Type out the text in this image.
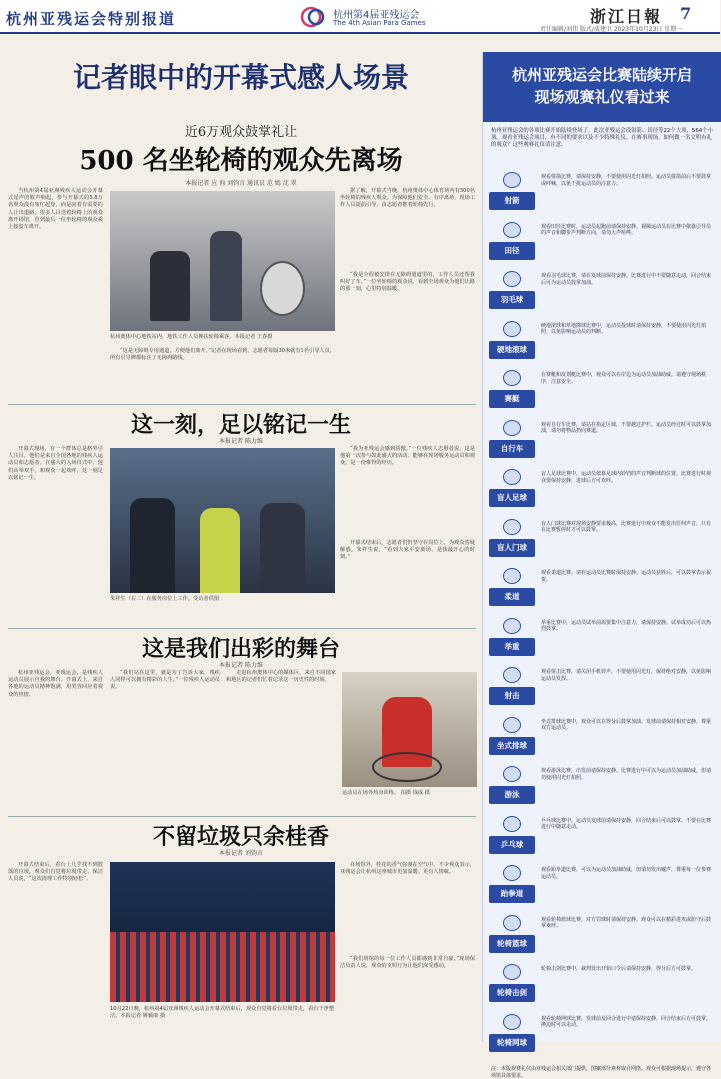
杭州亚残运会特别报道	杭州第4届亚残运会
The 4th Asian Para Games	浙江日報 7
责任编辑/刘伟 版式/戚建卫 2023年10月23日 星期一
记者眼中的开幕式感人场景
近6万观众鼓掌礼让
500 名坐轮椅的观众先离场
本报记者 应 洵 刘钧言 通讯员 范 嫣 沈 翠

当杭州第4届亚洲残疾人运动会开幕式尾声的歌声响起，参与开幕式的5.8万名观众没有匆忙起身，而是向着有需要的人让出道路。很多人目送着轮椅上的观众离开场馆，直到最后一位坐轮椅的观众乘上接驳车离开。

杭州奥体中心地铁站内，地铁工作人员搀扶轮椅乘客。本报记者 王春摄

据了解，开幕式当晚，杭州奥体中心体育场内有500名坐轮椅的残疾人观众。为保障他们安全、有序离场，现场工作人员提前引导，由志愿者推着轮椅先行。

“我是全程被安排在无障碍通道里的，工作人员还帮我叫好了车。”一位坐轮椅的观众说，看到全场观众为他们让路的那一刻，心里特别温暖。

“这是无障碍专用通道，方便他们离开。”记者在现场看到，志愿者每隔30米就有1名引导人员，所有引导牌都标注了无障碍路线。

这一刻，足以铭记一生
本报记者 陈力维

开幕式现场，有一个群体总是格外引人注目，他们是来自全国各地的残疾人运动员和志愿者。在盛大的入场仪式中，他们高举双手，和观众一起欢呼，这一刻足以铭记一生。

朱祥生（右二）在服务岗位上工作。受访者供图

“我为亚残运会感到骄傲。”一位残疾人志愿者说，这是他第一次参与如此盛大的活动。能够在现场服务运动员和观众，是一份难得的经历。

开幕式结束后，志愿者们仍坚守在岗位上，为观众答疑解惑。朱祥生说，“看到大家平安离场，是我最开心的时刻。”

这是我们出彩的舞台
本报记者 陈力维

杭州亚残运会，亚残运会，是残疾人运动员展示自我的舞台。开幕式上，来自各地的运动员精神饱满，用笑容回应着观众的热情。

“我们站在这里，就是为了告诉大家，残疾人同样可以拥有精彩的人生。”一位残疾人运动员说。

走进杭州奥体中心的媒体区，来自不同国家和地区的记者们忙着记录这一历史性的时刻。

运动员在场外热身训练。 拍摄 钱成 摄
不留垃圾只余桂香
本报记者 刘钧言

开幕式结束后，看台上几乎找不到散落的垃圾。观众们自觉将垃圾带走，保洁人员说，“这次清理工作特别轻松”。

10月22日晚，杭州第4届亚洲残疾人运动会开幕式结束后，观众自觉将看台垃圾带走，看台干净整洁。本报记者 姚颖康 摄

在场馆外，桂花的香气弥漫在空气中。不少观众表示，亚残运会让杭州这座城市更加温暖、更有人情味。

“我们场馆的每一位工作人员都感到非常自豪。”现场保洁负责人说，观众的文明行为让他们深受感动。

杭州亚残运会比赛陆续开启
现场观赛礼仪看过来
杭州亚残运会的各项比赛开始陆续登场了。此次亚残运会设射箭、田径等22个大项、564个小项。观看亚残运会项目，有不同的要求以及不少特殊礼仪。在赛事现场，如何做一名文明有礼的观众？这些观赛礼仪请注意。
射箭
观看射箭比赛，请保持安静，不要使用闪光灯拍照。运动员射箭前后不要鼓掌或呼喊，以免干扰运动员的注意力。
田径
观看田径比赛时，运动员起跑前请保持安静。视障运动员在比赛中依靠引导员的声音和脚步声判断方向，请勿大声喧哗。
羽毛球
观看羽毛球比赛，请在发球前保持安静。比赛进行中不要随意走动，回合结束后可为运动员鼓掌加油。
硬地滚球
硬地滚球和草地掷球比赛中，运动员投球时请保持安静，不要使用闪光灯拍照，以免影响运动员的判断。
赛艇
在赛艇和皮划艇比赛中，观众可以在岸边为运动员加油助威。请遵守现场秩序，注意安全。
自行车
观看自行车比赛，请站在指定区域，不要越过护栏。运动员经过时可以鼓掌加油，请勿将物品扔向赛道。
盲人足球
盲人足球比赛中，运动员依靠足球内铃铛的声音判断球的位置。比赛进行时观众要保持安静，进球后方可欢呼。
盲人门球
盲人门球比赛对现场安静要求极高，比赛进行中观众不能发出任何声音，只有在比赛暂停时才可以鼓掌。
柔道
观看柔道比赛，请在运动员比赛时保持安静。运动员获胜后，可以鼓掌表示祝贺。
举重
举重比赛中，运动员试举前需要集中注意力，请保持安静。试举成功后可以热烈鼓掌。
射击
观看射击比赛，请关闭手机铃声，不要使用闪光灯，保持绝对安静，以免影响运动员发挥。
坐式排球
坐式排球比赛中，观众可以在得分后鼓掌加油。发球前请保持相对安静，尊重双方运动员。
游泳
观看游泳比赛，出发前请保持安静。比赛进行中可以为运动员加油助威，但请勿使用闪光灯拍照。
乒乓球
乒乓球比赛中，运动员发球前请保持安静，回合结束后可以鼓掌。不要在比赛进行中随意走动。
跆拳道
观看跆拳道比赛，可以为运动员加油助威，但请勿发出嘘声，尊重每一位参赛运动员。
轮椅篮球
观看轮椅篮球比赛，对方罚球时请保持安静。观众可以在精彩进攻或防守后鼓掌欢呼。
轮椅击剑
轮椅击剑比赛中，裁判发出开始口令后请保持安静，得分后方可鼓掌。
轮椅网球
观看轮椅网球比赛，发球前及回合进行中请保持安静，回合结束后方可鼓掌，换边时可以走动。
注：本版观赛礼仪由亚残运会相关部门提供，图案部分素材取自网络。观众可根据现场提示，遵守各场馆具体要求。
